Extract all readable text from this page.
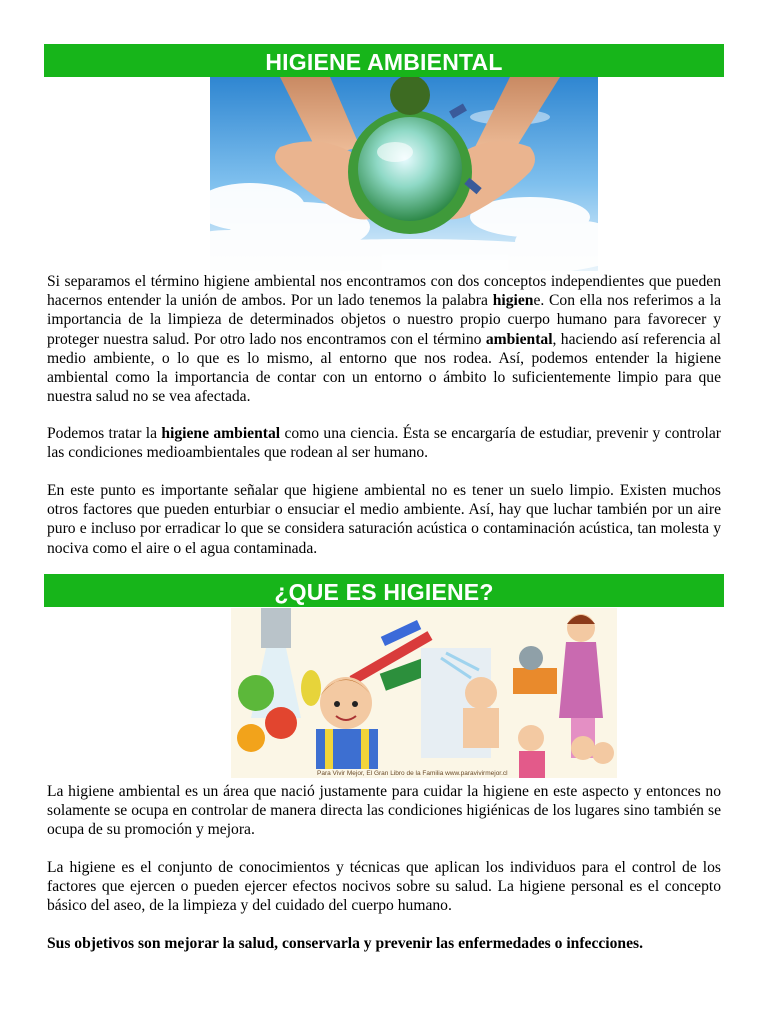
HIGIENE AMBIENTAL

Si separamos el término higiene ambiental nos encontramos con dos conceptos independientes que pueden hacernos entender la unión de ambos. Por un lado tenemos la palabra higiene. Con ella nos referimos a la importancia de la limpieza de determinados objetos o nuestro propio cuerpo humano para favorecer y proteger nuestra salud. Por otro lado nos encontramos con el término ambiental, haciendo así referencia al medio ambiente, o lo que es lo mismo, al entorno que nos rodea. Así, podemos entender la higiene ambiental como la importancia de contar con un entorno o ámbito lo suficientemente limpio para que nuestra salud no se vea afectada.

Podemos tratar la higiene ambiental como una ciencia. Ésta se encargaría de estudiar, prevenir y controlar las condiciones medioambientales que rodean al ser humano.

En este punto es importante señalar que higiene ambiental no es tener un suelo limpio. Existen muchos otros factores que pueden enturbiar o ensuciar el medio ambiente. Así, hay que luchar también por un aire puro e incluso por erradicar lo que se considera saturación acústica o contaminación acústica, tan molesta y nociva como el aire o el agua contaminada.

¿QUE ES HIGIENE?
Para Vivir Mejor, El Gran Libro de la Familia www.paravivirmejor.cl

La higiene ambiental es un área que nació justamente para cuidar la higiene en este aspecto y entonces no solamente se ocupa en controlar de manera directa las condiciones higiénicas de los lugares sino también se ocupa de su promoción y mejora.

La higiene es el conjunto de conocimientos y técnicas que aplican los individuos para el control de los factores que ejercen o pueden ejercer efectos nocivos sobre su salud. La higiene personal es el concepto básico del aseo, de la limpieza y del cuidado del cuerpo humano.

Sus objetivos son mejorar la salud, conservarla y prevenir las enfermedades o infecciones.
